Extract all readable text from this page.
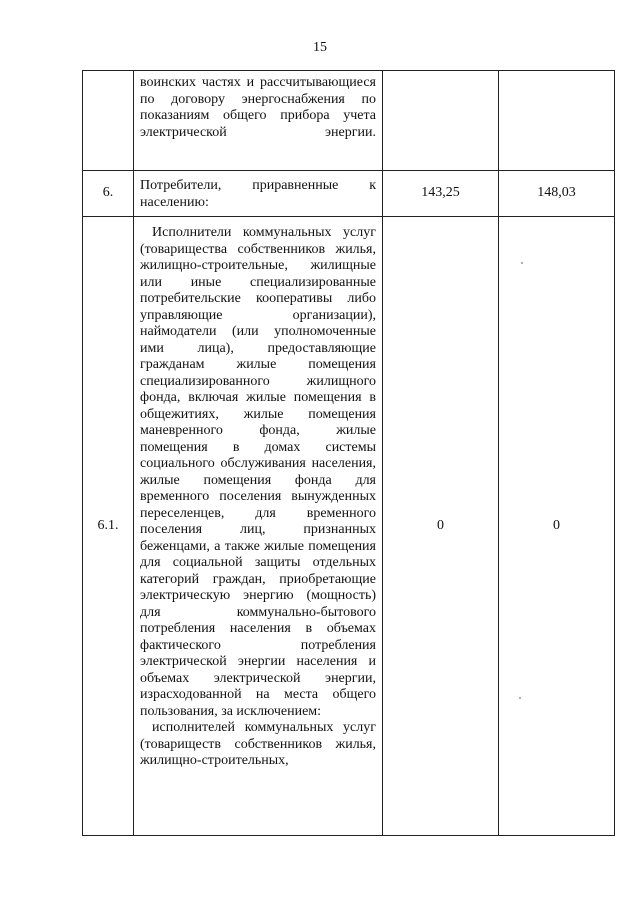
15
	воинских частях и рассчитывающиеся по договору энергоснабжения по показаниям общего прибора учета электрической энергии.		
6.	Потребители, приравненные к населению:	143,25	148,03
6.1.	Исполнители коммунальных услуг (товарищества собственников жилья, жилищно-строительные, жилищные или иные специализированные потребительские кооперативы либо управляющие организации), наймодатели (или уполномоченные ими лица), предоставляющие гражданам жилые помещения специализированного жилищного фонда, включая жилые помещения в общежитиях, жилые помещения маневренного фонда, жилые помещения в домах системы социального обслуживания населения, жилые помещения фонда для временного поселения вынужденных переселенцев, для временного поселения лиц, признанных беженцами, а также жилые помещения для социальной защиты отдельных категорий граждан, приобретающие электрическую энергию (мощность) для коммунально-бытового потребления населения в объемах фактического потребления электрической энергии населения и объемах электрической энергии, израсходованной на места общего пользования, за исключением:

исполнителей коммунальных услуг (товариществ собственников жилья, жилищно-строительных,	0	0
